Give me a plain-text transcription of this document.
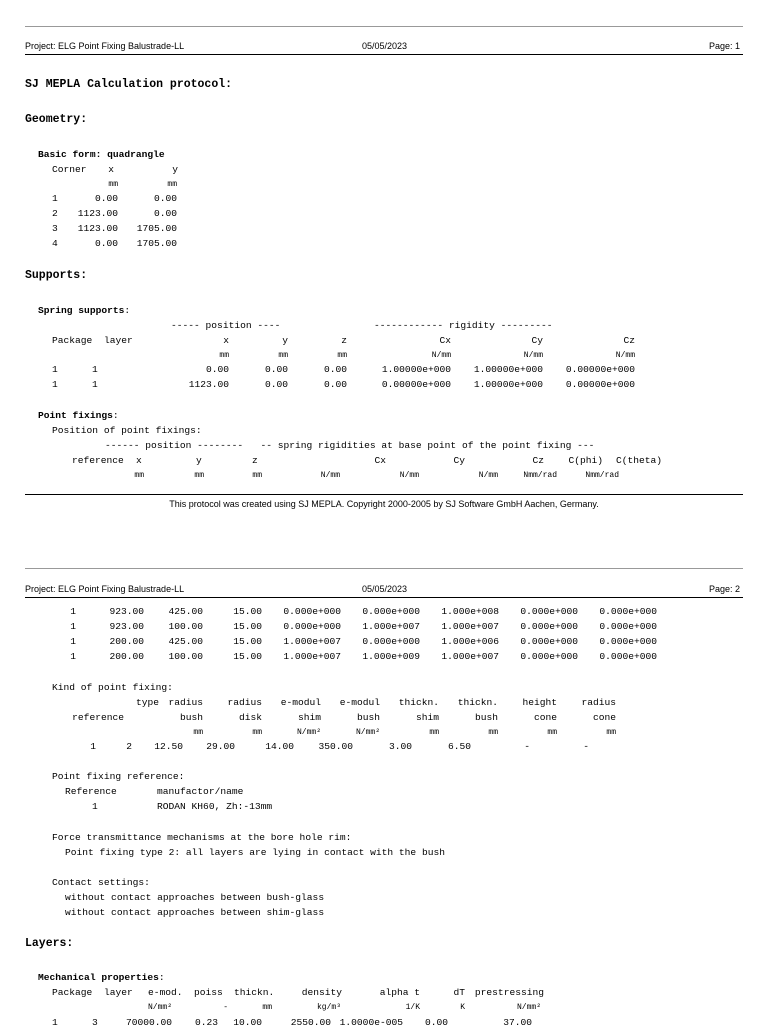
Project: ELG Point Fixing Balustrade-LL	05/05/2023	Page: 1
SJ MEPLA Calculation protocol:
Geometry:
Basic form: quadrangle
Corner x	y
mm	mm
1	0.00	0.00
2 1123.00	0.00
3 1123.00 1705.00
4	0.00 1705.00
Supports:
Spring supports:
----- position ----	------------ rigidity ---------
Package layer	x	y	z	Cx	Cy	Cz
mm	mm	mm	N/mm	N/mm	N/mm
1	1	0.00	0.00	0.00	1.00000e+000 1.00000e+000 0.00000e+000
1	1	1123.00	0.00	0.00	0.00000e+000 1.00000e+000 0.00000e+000
Point fixings:
Position of point fixings:
------ position --------   -- spring rigidities at base point of the point fixing ---
reference x	y	z	Cx	Cy	Cz	C(phi) C(theta)
mm	mm	mm	N/mm	N/mm	N/mm	Nmm/rad	Nmm/rad
This protocol was created using SJ MEPLA. Copyright 2000-2005 by SJ Software GmbH Aachen, Germany.
Project: ELG Point Fixing Balustrade-LL	05/05/2023	Page: 2
1	923.00	425.00	15.00 0.000e+000 0.000e+000 1.000e+008 0.000e+000 0.000e+000
1	923.00	100.00	15.00 0.000e+000 1.000e+007 1.000e+007 0.000e+000 0.000e+000
1	200.00	425.00	15.00 1.000e+007 0.000e+000 1.000e+006 0.000e+000 0.000e+000
1	200.00	100.00	15.00 1.000e+007 1.000e+009 1.000e+007 0.000e+000 0.000e+000
Kind of point fixing:
type radius	radius e-modul e-modul thickn. thickn.	height	radius
reference	bush	disk	shim	bush	shim	bush	cone	cone
mm	mm	N/mm²	N/mm²	mm	mm	mm	mm
1	2 12.50 29.00	14.00	350.00	3.00	6.50	-	-
Point fixing reference:
Reference	manufactor/name
1	RODAN KH60, Zh:-13mm
Force transmittance mechanisms at the bore hole rim:
Point fixing type 2: all layers are lying in contact with the bush
Contact settings:
without contact approaches between bush-glass
without contact approaches between shim-glass
Layers:
Mechanical properties:
Package layer e-mod. poiss thickn.	density	alpha t	dT prestressing
N/mm²	-	mm	kg/m³	1/K	K	N/mm²
1	3	70000.00 0.23 10.00	2550.00 1.0000e-005 0.00	37.00
